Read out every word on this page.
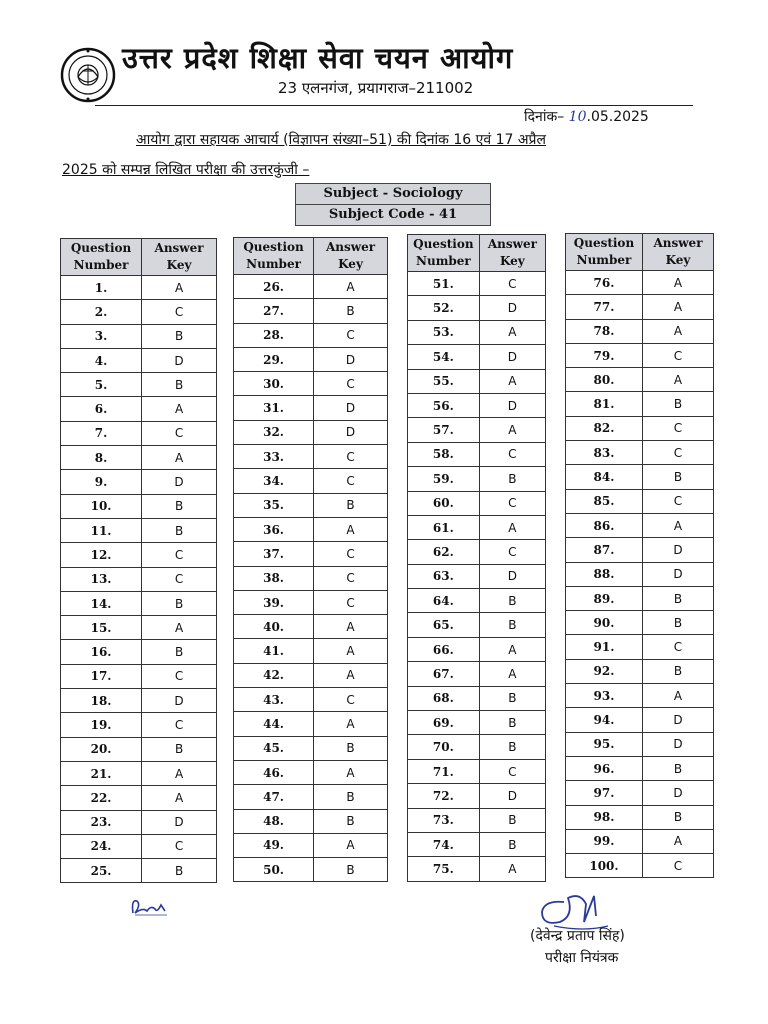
उत्तर प्रदेश शिक्षा सेवा चयन आयोग
23 एलनगंज, प्रयागराज–211002
दिनांक– 10.05.2025
आयोग द्वारा सहायक आचार्य (विज्ञापन संख्या–51) की दिनांक 16 एवं 17 अप्रैल
2025 को सम्पन्न लिखित परीक्षा की उत्तरकुंजी –
Subject - Sociology
Subject Code - 41
Question Number	Answer Key
1.	A
2.	C
3.	B
4.	D
5.	B
6.	A
7.	C
8.	A
9.	D
10.	B
11.	B
12.	C
13.	C
14.	B
15.	A
16.	B
17.	C
18.	D
19.	C
20.	B
21.	A
22.	A
23.	D
24.	C
25.	B
Question Number	Answer Key
26.	A
27.	B
28.	C
29.	D
30.	C
31.	D
32.	D
33.	C
34.	C
35.	B
36.	A
37.	C
38.	C
39.	C
40.	A
41.	A
42.	A
43.	C
44.	A
45.	B
46.	A
47.	B
48.	B
49.	A
50.	B
Question Number	Answer Key
51.	C
52.	D
53.	A
54.	D
55.	A
56.	D
57.	A
58.	C
59.	B
60.	C
61.	A
62.	C
63.	D
64.	B
65.	B
66.	A
67.	A
68.	B
69.	B
70.	B
71.	C
72.	D
73.	B
74.	B
75.	A
Question Number	Answer Key
76.	A
77.	A
78.	A
79.	C
80.	A
81.	B
82.	C
83.	C
84.	B
85.	C
86.	A
87.	D
88.	D
89.	B
90.	B
91.	C
92.	B
93.	A
94.	D
95.	D
96.	B
97.	D
98.	B
99.	A
100.	C
(देवेन्द्र प्रताप सिंह)
परीक्षा नियंत्रक
